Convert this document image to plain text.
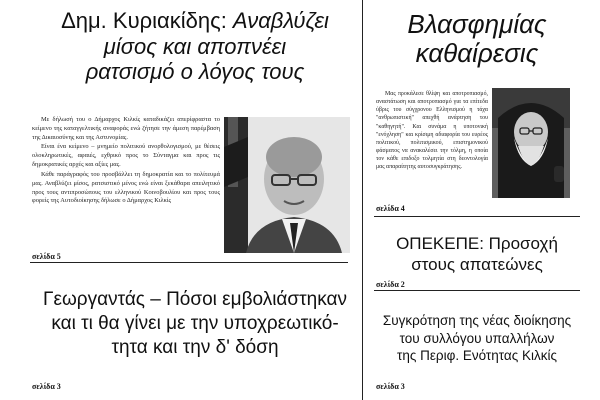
Δημ. Κυριακίδης: Αναβλύζει
μίσος και αποπνέει
ρατσισμό ο λόγος τους

Με δήλωσή του ο Δήμαρχος Κιλκίς καταδικάζει απερίφραστα το κείμενο της καταγγελτικής αναφοράς ενώ ζήτησε την άμεση παρέμβαση της Δικαιοσύνης και της Αστυνομίας.

Είναι ένα κείμενο – μνημείο πολιτικού ανορθολογισμού, με θέσεις ολοκληρωτικές, αφαιές, εχθρικό προς το Σύνταγμα και προς τις δημοκρατικές αρχές και αξίες μας.

Κάθε παράγραφός του προσβάλλει τη δημοκρατία και το πολίτευμά μας. Αναβλύζει μίσος, ρατσιστικό μένος ενώ είναι ξεκάθαρα απειλητικό προς τους αντιπροσώπους του ελληνικού Κοινοβουλίου και προς τους φορείς της Αυτοδιοίκησης δήλωσε ο Δήμαρχος Κιλκίς

σελίδα 5
Γεωργαντάς – Πόσοι εμβολιάστηκαν
και τι θα γίνει με την υποχρεωτικό-
τητα και την δ' δόση
σελίδα 3
Βλασφημίας
καθαίρεσις

Μας προκάλεσε θλίψη και αποτροπιασμό, αναστάτωση και αποτροπιασμό για τα επίτεδα ύβρις του σύγχρονου Ελληνισμού η τάχα "ανθρωπιστική" απεχθή ανάρτηση του "καθηγητή". Και συνάμα η υποτονική "ενόχληση" και κρίσιμη αδιαφορία του ευρέος πολιτικού, πολιτισμικού, επιστημονικού φάσματος να ανακαλέσει την τόλμη, η οποία τον κάθε επιδοξο τολμητία στη δεοντολογία μας απαραίτητης αυτοσυγκράτησης.

σελίδα 4
ΟΠΕΚΕΠΕ: Προσοχή
στους απατεώνες
σελίδα 2
Συγκρότηση της νέας διοίκησης
του συλλόγου υπαλλήλων
της Περιφ. Ενότητας Κιλκίς
σελίδα 3
